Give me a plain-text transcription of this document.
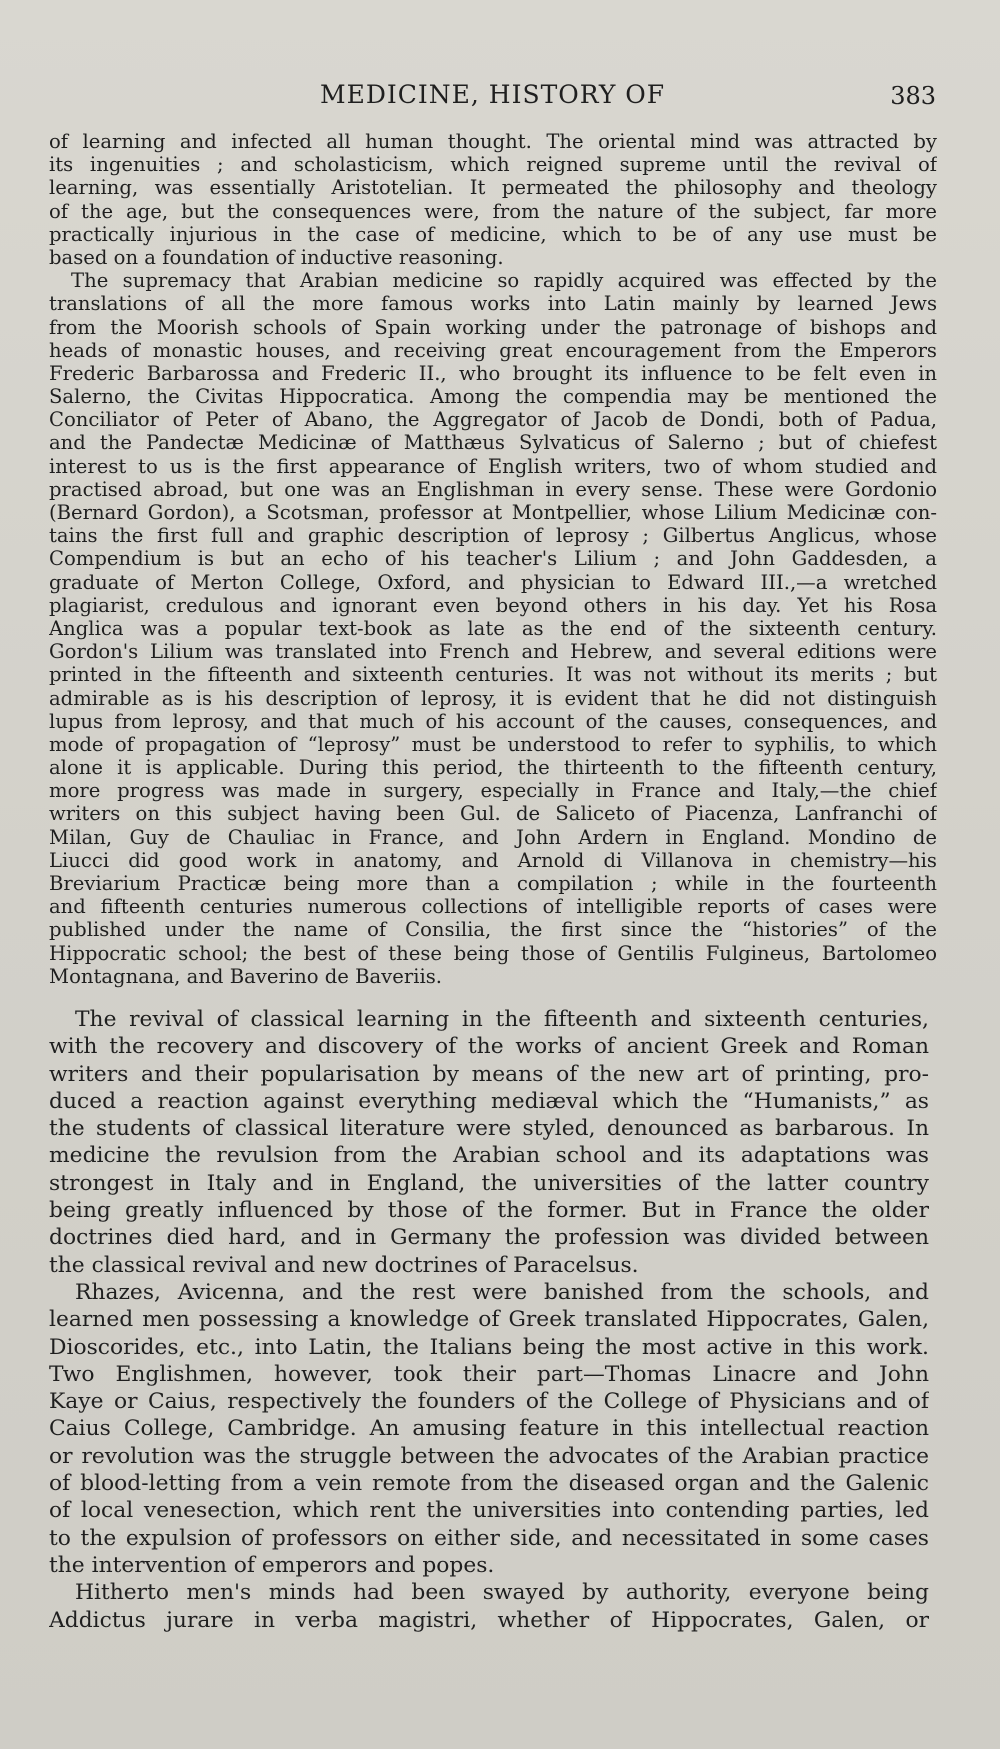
MEDICINE, HISTORY OF	383
of learning and infected all human thought. The oriental mind was attracted by
its ingenuities ; and scholasticism, which reigned supreme until the revival of
learning, was essentially Aristotelian. It permeated the philosophy and theology
of the age, but the consequences were, from the nature of the subject, far more
practically injurious in the case of medicine, which to be of any use must be
based on a foundation of inductive reasoning.
The supremacy that Arabian medicine so rapidly acquired was effected by the
translations of all the more famous works into Latin mainly by learned Jews
from the Moorish schools of Spain working under the patronage of bishops and
heads of monastic houses, and receiving great encouragement from the Emperors
Frederic Barbarossa and Frederic II., who brought its influence to be felt even in
Salerno, the Civitas Hippocratica. Among the compendia may be mentioned the
Conciliator of Peter of Abano, the Aggregator of Jacob de Dondi, both of Padua,
and the Pandectæ Medicinæ of Matthæus Sylvaticus of Salerno ; but of chiefest
interest to us is the first appearance of English writers, two of whom studied and
practised abroad, but one was an Englishman in every sense. These were Gordonio
(Bernard Gordon), a Scotsman, professor at Montpellier, whose Lilium Medicinæ con-
tains the first full and graphic description of leprosy ; Gilbertus Anglicus, whose
Compendium is but an echo of his teacher's Lilium ; and John Gaddesden, a
graduate of Merton College, Oxford, and physician to Edward III.,—a wretched
plagiarist, credulous and ignorant even beyond others in his day. Yet his Rosa
Anglica was a popular text-book as late as the end of the sixteenth century.
Gordon's Lilium was translated into French and Hebrew, and several editions were
printed in the fifteenth and sixteenth centuries. It was not without its merits ; but
admirable as is his description of leprosy, it is evident that he did not distinguish
lupus from leprosy, and that much of his account of the causes, consequences, and
mode of propagation of “leprosy” must be understood to refer to syphilis, to which
alone it is applicable. During this period, the thirteenth to the fifteenth century,
more progress was made in surgery, especially in France and Italy,—the chief
writers on this subject having been Gul. de Saliceto of Piacenza, Lanfranchi of
Milan, Guy de Chauliac in France, and John Ardern in England. Mondino de
Liucci did good work in anatomy, and Arnold di Villanova in chemistry—his
Breviarium Practicæ being more than a compilation ; while in the fourteenth
and fifteenth centuries numerous collections of intelligible reports of cases were
published under the name of Consilia, the first since the “histories” of the
Hippocratic school; the best of these being those of Gentilis Fulgineus, Bartolomeo
Montagnana, and Baverino de Baveriis.
The revival of classical learning in the fifteenth and sixteenth centuries,
with the recovery and discovery of the works of ancient Greek and Roman
writers and their popularisation by means of the new art of printing, pro-
duced a reaction against everything mediæval which the “Humanists,” as
the students of classical literature were styled, denounced as barbarous. In
medicine the revulsion from the Arabian school and its adaptations was
strongest in Italy and in England, the universities of the latter country
being greatly influenced by those of the former. But in France the older
doctrines died hard, and in Germany the profession was divided between
the classical revival and new doctrines of Paracelsus.
Rhazes, Avicenna, and the rest were banished from the schools, and
learned men possessing a knowledge of Greek translated Hippocrates, Galen,
Dioscorides, etc., into Latin, the Italians being the most active in this work.
Two Englishmen, however, took their part—Thomas Linacre and John
Kaye or Caius, respectively the founders of the College of Physicians and of
Caius College, Cambridge. An amusing feature in this intellectual reaction
or revolution was the struggle between the advocates of the Arabian practice
of blood-letting from a vein remote from the diseased organ and the Galenic
of local venesection, which rent the universities into contending parties, led
to the expulsion of professors on either side, and necessitated in some cases
the intervention of emperors and popes.
Hitherto men's minds had been swayed by authority, everyone being
Addictus jurare in verba magistri, whether of Hippocrates, Galen, or
